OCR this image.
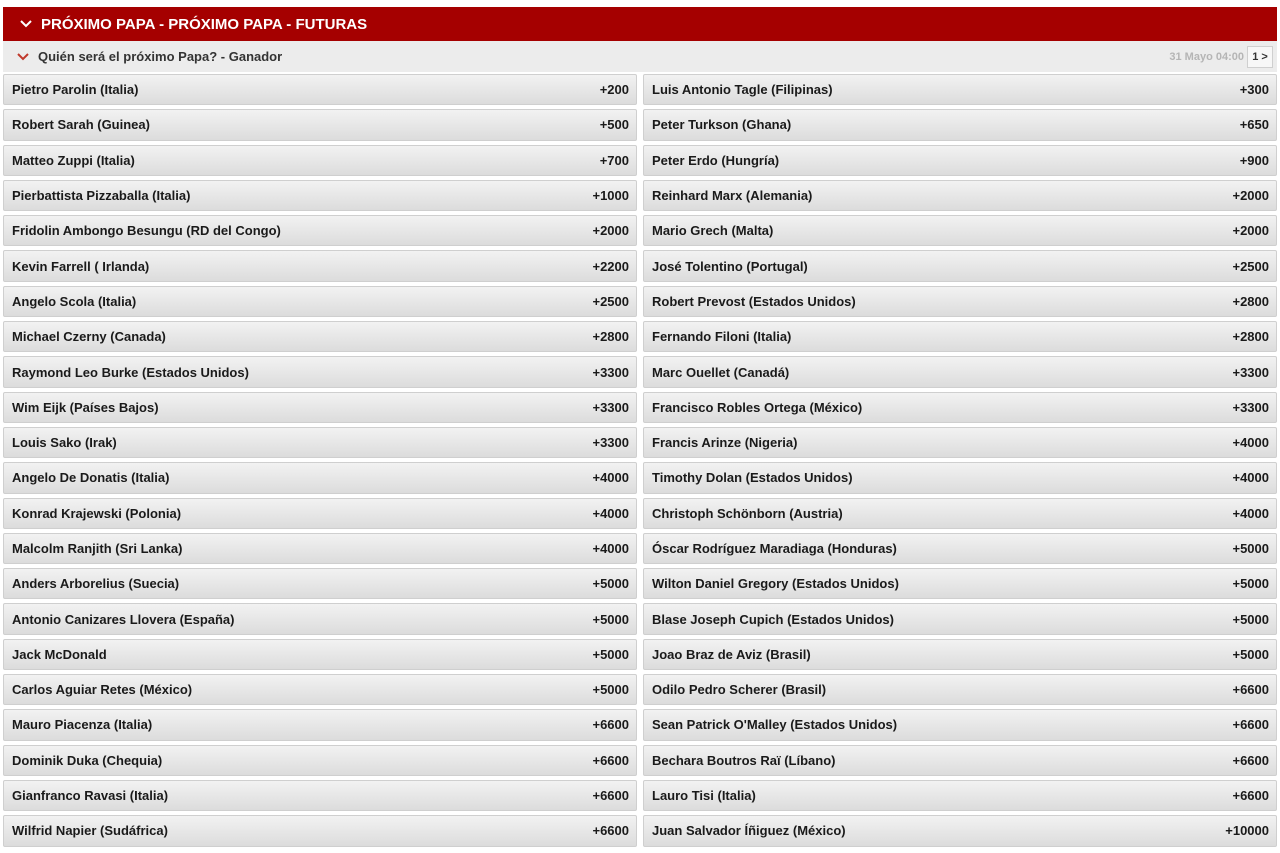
PRÓXIMO PAPA - PRÓXIMO PAPA - FUTURAS
Quién será el próximo Papa? - Ganador	31 Mayo 04:00 1 >
Pietro Parolin (Italia)	+200 Luis Antonio Tagle (Filipinas)	+300
Robert Sarah (Guinea)	+500 Peter Turkson (Ghana)	+650
Matteo Zuppi (Italia)	+700 Peter Erdo (Hungría)	+900
Pierbattista Pizzaballa (Italia)	+1000 Reinhard Marx (Alemania)	+2000
Fridolin Ambongo Besungu (RD del Congo)	+2000 Mario Grech (Malta)	+2000
Kevin Farrell ( Irlanda)	+2200 José Tolentino (Portugal)	+2500
Angelo Scola (Italia)	+2500 Robert Prevost (Estados Unidos)	+2800
Michael Czerny (Canada)	+2800 Fernando Filoni (Italia)	+2800
Raymond Leo Burke (Estados Unidos)	+3300 Marc Ouellet (Canadá)	+3300
Wim Eijk (Países Bajos)	+3300 Francisco Robles Ortega (México)	+3300
Louis Sako (Irak)	+3300 Francis Arinze (Nigeria)	+4000
Angelo De Donatis (Italia)	+4000 Timothy Dolan (Estados Unidos)	+4000
Konrad Krajewski (Polonia)	+4000 Christoph Schönborn (Austria)	+4000
Malcolm Ranjith (Sri Lanka)	+4000 Óscar Rodríguez Maradiaga (Honduras)	+5000
Anders Arborelius (Suecia)	+5000 Wilton Daniel Gregory (Estados Unidos)	+5000
Antonio Canizares Llovera (España)	+5000 Blase Joseph Cupich (Estados Unidos)	+5000
Jack McDonald	+5000 Joao Braz de Aviz (Brasil)	+5000
Carlos Aguiar Retes (México)	+5000 Odilo Pedro Scherer (Brasil)	+6600
Mauro Piacenza (Italia)	+6600 Sean Patrick O'Malley (Estados Unidos)	+6600
Dominik Duka (Chequia)	+6600 Bechara Boutros Raï (Líbano)	+6600
Gianfranco Ravasi (Italia)	+6600 Lauro Tisi (Italia)	+6600
Wilfrid Napier (Sudáfrica)	+6600 Juan Salvador Íñiguez (México)	+10000
